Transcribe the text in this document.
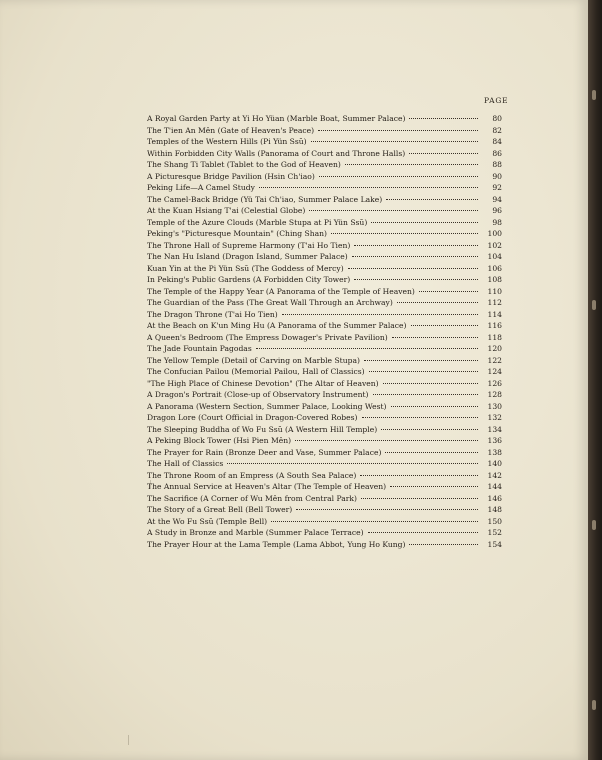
PAGE
A Royal Garden Party at Yi Ho Yüan (Marble Boat, Summer Palace)	80
The T'ien An Mên (Gate of Heaven's Peace)	82
Temples of the Western Hills (Pi Yün Ssŭ)	84
Within Forbidden City Walls (Panorama of Court and Throne Halls)	86
The Shang Ti Tablet (Tablet to the God of Heaven)	88
A Picturesque Bridge Pavilion (Hsin Ch'iao)	90
Peking Life—A Camel Study	92
The Camel-Back Bridge (Yü Tai Ch'iao, Summer Palace Lake)	94
At the Kuan Hsiang T'ai (Celestial Globe)	96
Temple of the Azure Clouds (Marble Stupa at Pi Yün Ssŭ)	98
Peking's "Picturesque Mountain" (Ching Shan)	100
The Throne Hall of Supreme Harmony (T'ai Ho Tien)	102
The Nan Hu Island (Dragon Island, Summer Palace)	104
Kuan Yin at the Pi Yün Ssŭ (The Goddess of Mercy)	106
In Peking's Public Gardens (A Forbidden City Tower)	108
The Temple of the Happy Year (A Panorama of the Temple of Heaven)	110
The Guardian of the Pass (The Great Wall Through an Archway)	112
The Dragon Throne (T'ai Ho Tien)	114
At the Beach on K'un Ming Hu (A Panorama of the Summer Palace)	116
A Queen's Bedroom (The Empress Dowager's Private Pavilion)	118
The Jade Fountain Pagodas	120
The Yellow Temple (Detail of Carving on Marble Stupa)	122
The Confucian Pailou (Memorial Pailou, Hall of Classics)	124
"The High Place of Chinese Devotion" (The Altar of Heaven)	126
A Dragon's Portrait (Close-up of Observatory Instrument)	128
A Panorama (Western Section, Summer Palace, Looking West)	130
Dragon Lore (Court Official in Dragon-Covered Robes)	132
The Sleeping Buddha of Wo Fu Ssŭ (A Western Hill Temple)	134
A Peking Block Tower (Hsi Pien Mên)	136
The Prayer for Rain (Bronze Deer and Vase, Summer Palace)	138
The Hall of Classics	140
The Throne Room of an Empress (A South Sea Palace)	142
The Annual Service at Heaven's Altar (The Temple of Heaven)	144
The Sacrifice (A Corner of Wu Mên from Central Park)	146
The Story of a Great Bell (Bell Tower)	148
At the Wo Fu Ssŭ (Temple Bell)	150
A Study in Bronze and Marble (Summer Palace Terrace)	152
The Prayer Hour at the Lama Temple (Lama Abbot, Yung Ho Kung)	154
